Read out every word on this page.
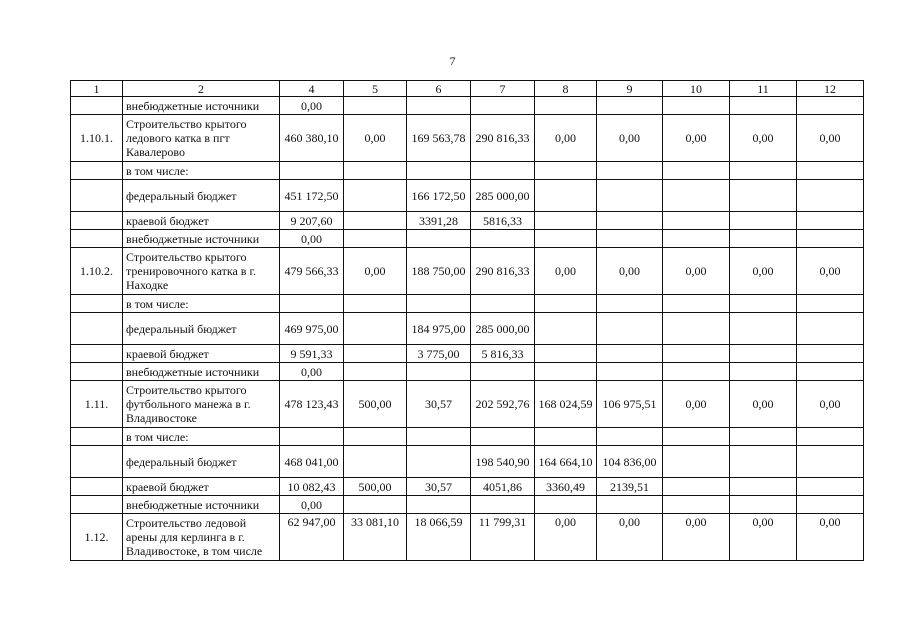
7
1	2	4	5	6	7	8	9	10	11	12
	внебюджетные источники	0,00								
1.10.1.	Строительство крытого ледового катка в пгт Кавалерово	460 380,10	0,00	169 563,78	290 816,33	0,00	0,00	0,00	0,00	0,00
	в том числе:									
	федеральный бюджет	451 172,50		166 172,50	285 000,00					
	краевой бюджет	9 207,60		3391,28	5816,33					
	внебюджетные источники	0,00								
1.10.2.	Строительство крытого тренировочного катка в г. Находке	479 566,33	0,00	188 750,00	290 816,33	0,00	0,00	0,00	0,00	0,00
	в том числе:									
	федеральный бюджет	469 975,00		184 975,00	285 000,00					
	краевой бюджет	9 591,33		3 775,00	5 816,33					
	внебюджетные источники	0,00								
1.11.	Строительство крытого футбольного манежа в г. Владивостоке	478 123,43	500,00	30,57	202 592,76	168 024,59	106 975,51	0,00	0,00	0,00
	в том числе:									
	федеральный бюджет	468 041,00			198 540,90	164 664,10	104 836,00			
	краевой бюджет	10 082,43	500,00	30,57	4051,86	3360,49	2139,51			
	внебюджетные источники	0,00								
1.12.	Строительство ледовой арены для керлинга в г. Владивостоке, в том числе	62 947,00	33 081,10	18 066,59	11 799,31	0,00	0,00	0,00	0,00	0,00
